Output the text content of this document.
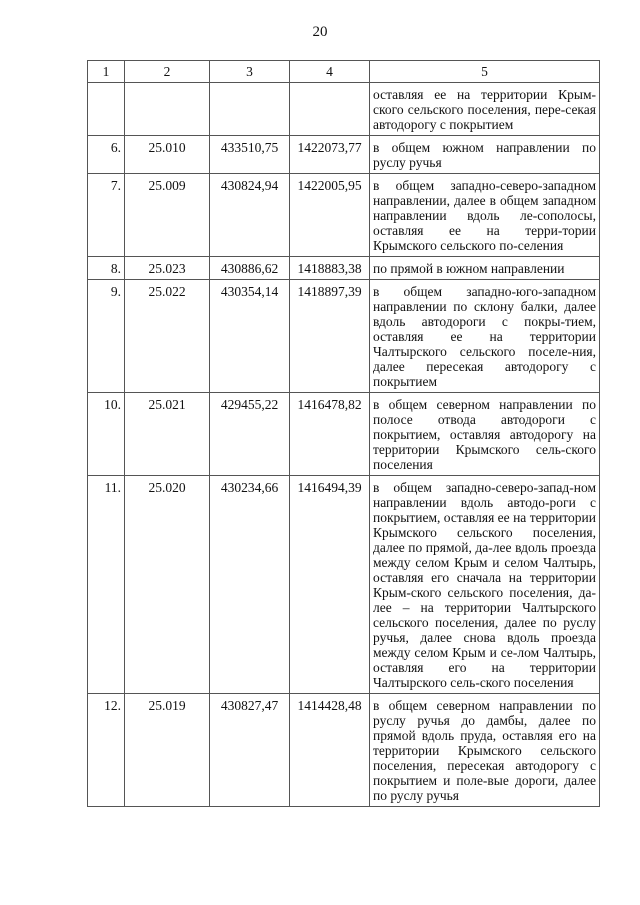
20
1	2	3	4	5
				оставляя ее на территории Крым-ского сельского поселения, пере-секая автодорогу с покрытием
6.	25.010	433510,75	1422073,77	в общем южном направлении по руслу ручья
7.	25.009	430824,94	1422005,95	в общем западно-северо-западном направлении, далее в общем западном направлении вдоль ле-сополосы, оставляя ее на терри-тории Крымского сельского по-селения
8.	25.023	430886,62	1418883,38	по прямой в южном направлении
9.	25.022	430354,14	1418897,39	в общем западно-юго-западном направлении по склону балки, далее вдоль автодороги с покры-тием, оставляя ее на территории Чалтырского сельского поселе-ния, далее пересекая автодорогу с покрытием
10.	25.021	429455,22	1416478,82	в общем северном направлении по полосе отвода автодороги с покрытием, оставляя автодорогу на территории Крымского сель-ского поселения
11.	25.020	430234,66	1416494,39	в общем западно-северо-запад-ном направлении вдоль автодо-роги с покрытием, оставляя ее на территории Крымского сельского поселения, далее по прямой, да-лее вдоль проезда между селом Крым и селом Чалтырь, оставляя его сначала на территории Крым-ского сельского поселения, да-лее – на территории Чалтырского сельского поселения, далее по руслу ручья, далее снова вдоль проезда между селом Крым и се-лом Чалтырь, оставляя его на территории Чалтырского сель-ского поселения
12.	25.019	430827,47	1414428,48	в общем северном направлении по руслу ручья до дамбы, далее по прямой вдоль пруда, оставляя его на территории Крымского сельского поселения, пересекая автодорогу с покрытием и поле-вые дороги, далее по руслу ручья
